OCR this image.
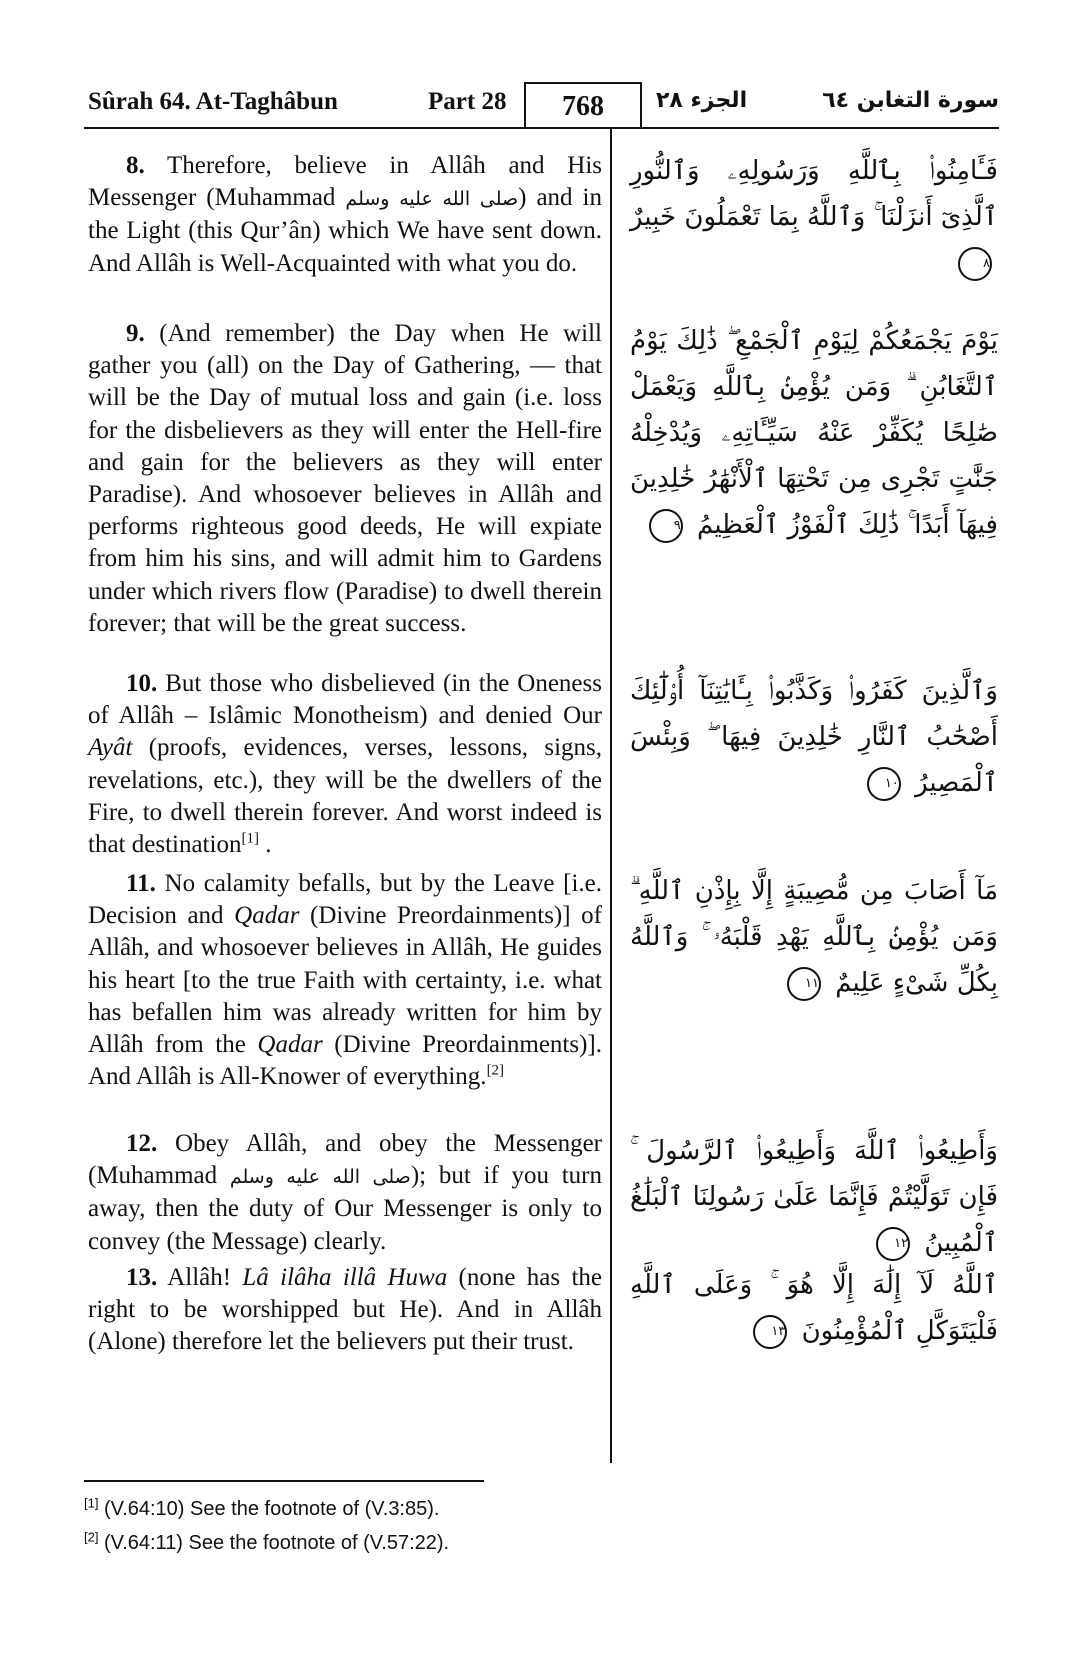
Sûrah 64. At-Taghâbun	Part 28	768	الجزء ٢٨	سورة التغابن ٦٤
8. Therefore, believe in Allâh and His Messenger (Muhammad صلى الله عليه وسلم) and in the Light (this Qur’ân) which We have sent down. And Allâh is Well-Acquainted with what you do.
فَـَٔامِنُوا۟ بِٱللَّهِ وَرَسُولِهِۦ وَٱلنُّورِ ٱلَّذِىٓ أَنزَلْنَا ۚ وَٱللَّهُ بِمَا تَعْمَلُونَ خَبِيرٌ ٨
9. (And remember) the Day when He will gather you (all) on the Day of Gathering, — that will be the Day of mutual loss and gain (i.e. loss for the disbelievers as they will enter the Hell-fire and gain for the believers as they will enter Paradise). And whosoever believes in Allâh and performs righteous good deeds, He will expiate from him his sins, and will admit him to Gardens under which rivers flow (Paradise) to dwell therein forever; that will be the great success.
يَوْمَ يَجْمَعُكُمْ لِيَوْمِ ٱلْجَمْعِ ۖ ذَٰلِكَ يَوْمُ ٱلتَّغَابُنِ ۗ وَمَن يُؤْمِنۢ بِٱللَّهِ وَيَعْمَلْ صَٰلِحًا يُكَفِّرْ عَنْهُ سَيِّـَٔاتِهِۦ وَيُدْخِلْهُ جَنَّٰتٍ تَجْرِى مِن تَحْتِهَا ٱلْأَنْهَٰرُ خَٰلِدِينَ فِيهَآ أَبَدًا ۚ ذَٰلِكَ ٱلْفَوْزُ ٱلْعَظِيمُ ٩
10. But those who disbelieved (in the Oneness of Allâh – Islâmic Monotheism) and denied Our Ayât (proofs, evidences, verses, lessons, signs, revelations, etc.), they will be the dwellers of the Fire, to dwell therein forever. And worst indeed is that destination[1] .
وَٱلَّذِينَ كَفَرُوا۟ وَكَذَّبُوا۟ بِـَٔايَٰتِنَآ أُو۟لَٰٓئِكَ أَصْحَٰبُ ٱلنَّارِ خَٰلِدِينَ فِيهَا ۖ وَبِئْسَ ٱلْمَصِيرُ ١٠
11. No calamity befalls, but by the Leave [i.e. Decision and Qadar (Divine Preordainments)] of Allâh, and whosoever believes in Allâh, He guides his heart [to the true Faith with certainty, i.e. what has befallen him was already written for him by Allâh from the Qadar (Divine Preordainments)]. And Allâh is All-Knower of everything.[2]
مَآ أَصَابَ مِن مُّصِيبَةٍ إِلَّا بِإِذْنِ ٱللَّهِ ۗ وَمَن يُؤْمِنۢ بِٱللَّهِ يَهْدِ قَلْبَهُۥ ۚ وَٱللَّهُ بِكُلِّ شَىْءٍ عَلِيمٌ ١١
12. Obey Allâh, and obey the Messenger (Muhammad صلى الله عليه وسلم); but if you turn away, then the duty of Our Messenger is only to convey (the Message) clearly.
وَأَطِيعُوا۟ ٱللَّهَ وَأَطِيعُوا۟ ٱلرَّسُولَ ۚ فَإِن تَوَلَّيْتُمْ فَإِنَّمَا عَلَىٰ رَسُولِنَا ٱلْبَلَٰغُ ٱلْمُبِينُ ١٢
13. Allâh! Lâ ilâha illâ Huwa (none has the right to be worshipped but He). And in Allâh (Alone) therefore let the believers put their trust.
ٱللَّهُ لَآ إِلَٰهَ إِلَّا هُوَ ۚ وَعَلَى ٱللَّهِ فَلْيَتَوَكَّلِ ٱلْمُؤْمِنُونَ ١٣
[1] (V.64:10) See the footnote of (V.3:85).
[2] (V.64:11) See the footnote of (V.57:22).
